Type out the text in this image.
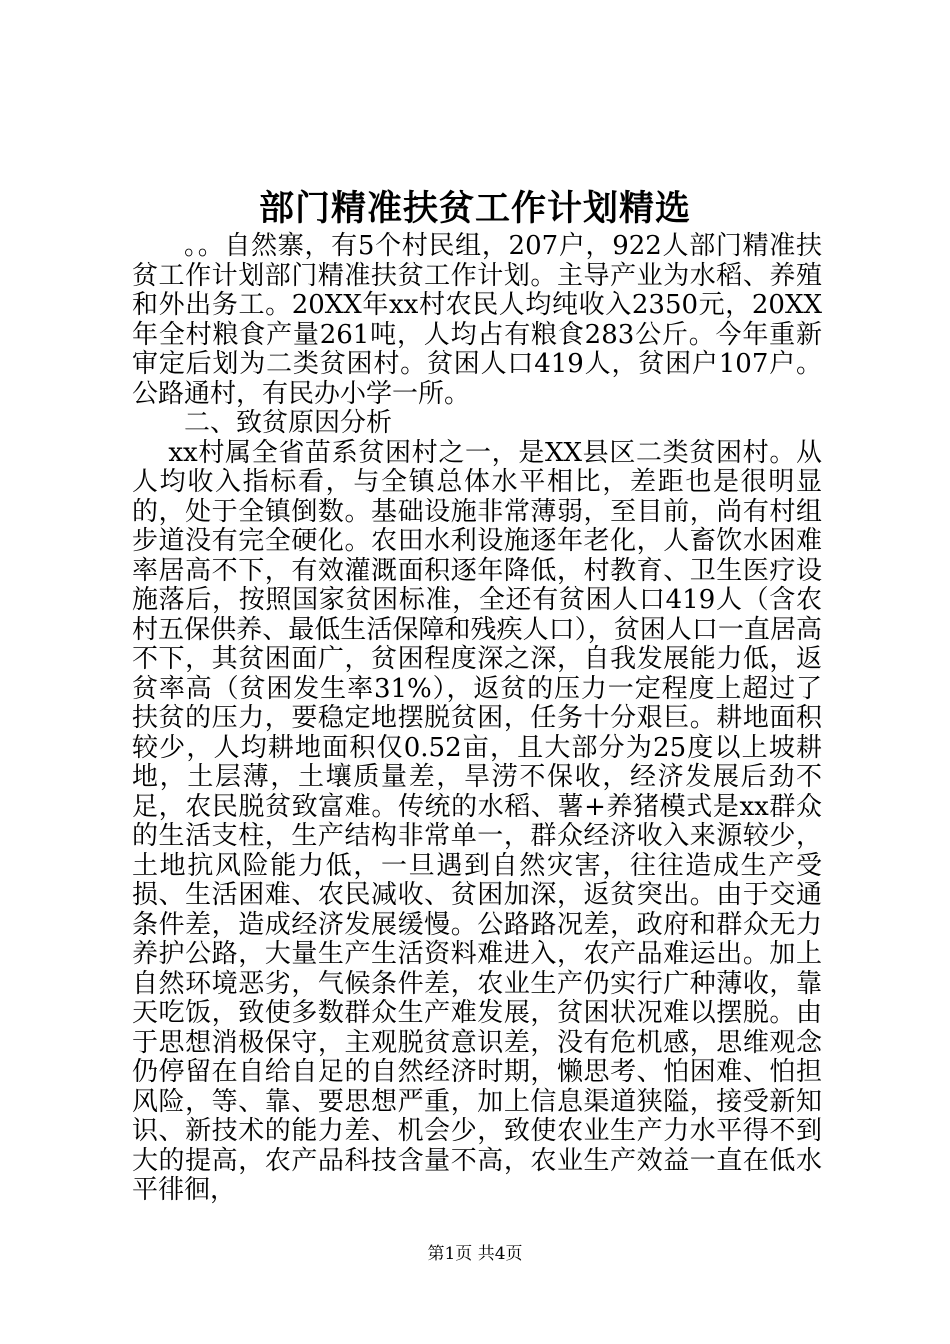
部门精准扶贫工作计划精选

。。自然寨，有5个村民组，207户，922人部门精准扶贫工作计划部门精准扶贫工作计划。主导产业为水稻、养殖和外出务工。20XX年xx村农民人均纯收入2350元，20XX年全村粮食产量261吨，人均占有粮食283公斤。今年重新审定后划为二类贫困村。贫困人口419人，贫困户107户。公路通村，有民办小学一所。

二、致贫原因分析

xx村属全省苗系贫困村之一，是XX县区二类贫困村。从人均收入指标看，与全镇总体水平相比，差距也是很明显的，处于全镇倒数。基础设施非常薄弱，至目前，尚有村组步道没有完全硬化。农田水利设施逐年老化，人畜饮水困难率居高不下，有效灌溉面积逐年降低，村教育、卫生医疗设施落后，按照国家贫困标准，全还有贫困人口419人（含农村五保供养、最低生活保障和残疾人口），贫困人口一直居高不下，其贫困面广，贫困程度深之深，自我发展能力低，返贫率高（贫困发生率31%），返贫的压力一定程度上超过了扶贫的压力，要稳定地摆脱贫困，任务十分艰巨。耕地面积较少，人均耕地面积仅0.52亩，且大部分为25度以上坡耕地，土层薄，土壤质量差，旱涝不保收，经济发展后劲不足，农民脱贫致富难。传统的水稻、薯+养猪模式是xx群众的生活支柱，生产结构非常单一，群众经济收入来源较少，土地抗风险能力低，一旦遇到自然灾害，往往造成生产受损、生活困难、农民减收、贫困加深，返贫突出。由于交通条件差，造成经济发展缓慢。公路路况差，政府和群众无力养护公路，大量生产生活资料难进入，农产品难运出。加上自然环境恶劣，气候条件差，农业生产仍实行广种薄收，靠天吃饭，致使多数群众生产难发展，贫困状况难以摆脱。由于思想消极保守，主观脱贫意识差，没有危机感，思维观念仍停留在自给自足的自然经济时期，懒思考、怕困难、怕担风险，等、靠、要思想严重，加上信息渠道狭隘，接受新知识、新技术的能力差、机会少，致使农业生产力水平得不到大的提高，农产品科技含量不高，农业生产效益一直在低水平徘徊，

第1页 共4页
